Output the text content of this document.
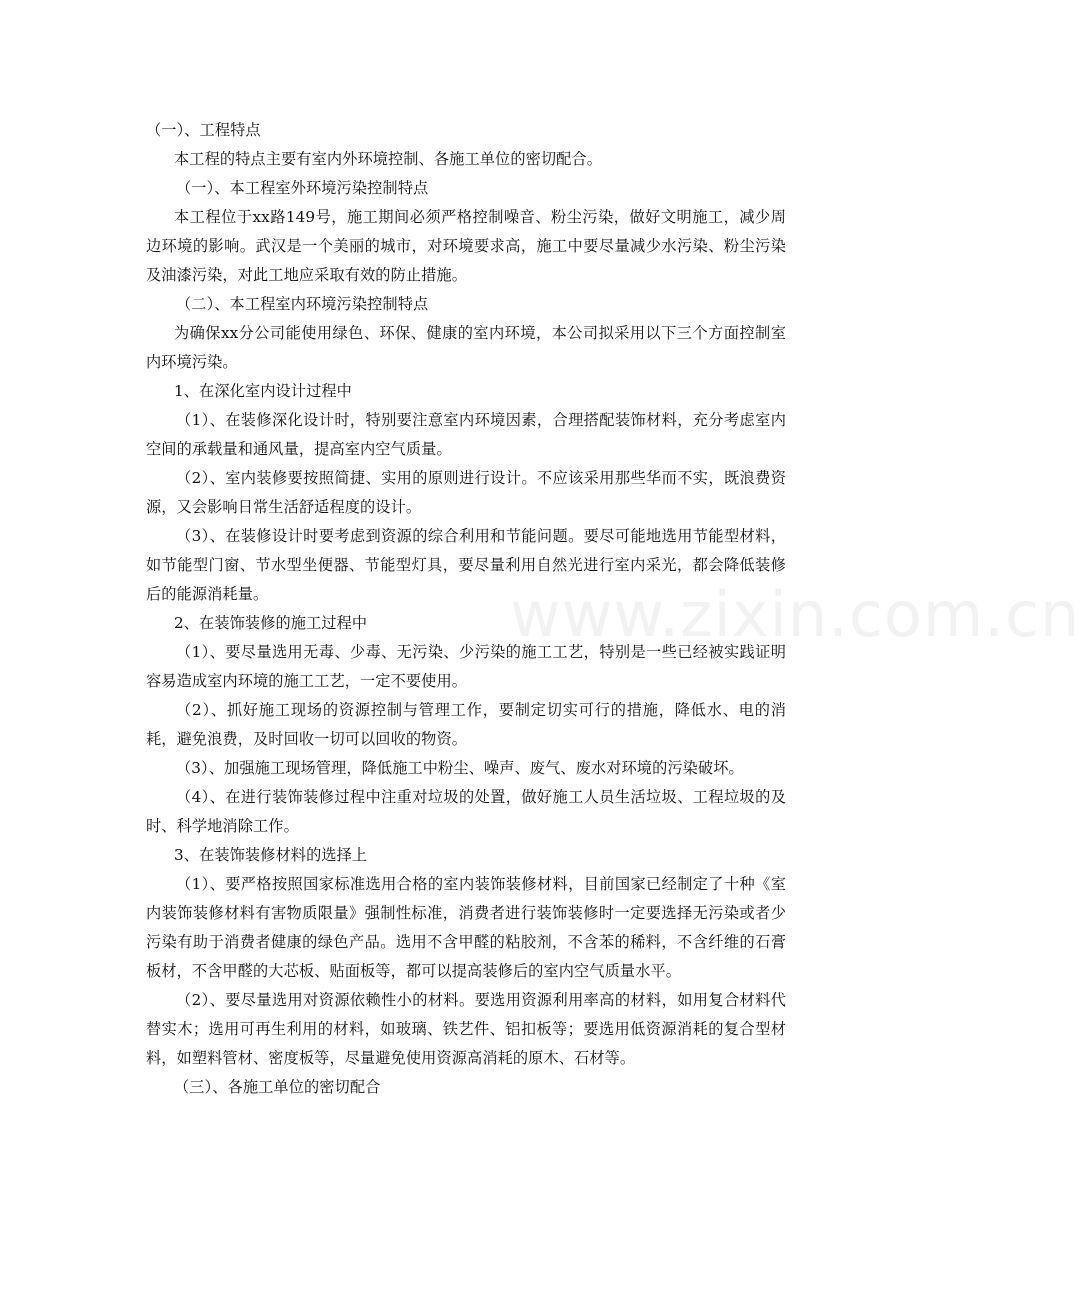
（一）、工程特点

本工程的特点主要有室内外环境控制、各施工单位的密切配合。

（一）、本工程室外环境污染控制特点

本工程位于xx路149号，施工期间必须严格控制噪音、粉尘污染，做好文明施工，减少周边环境的影响。武汉是一个美丽的城市，对环境要求高，施工中要尽量减少水污染、粉尘污染及油漆污染，对此工地应采取有效的防止措施。

（二）、本工程室内环境污染控制特点

为确保xx分公司能使用绿色、环保、健康的室内环境，本公司拟采用以下三个方面控制室内环境污染。

1、在深化室内设计过程中

（1）、在装修深化设计时，特别要注意室内环境因素，合理搭配装饰材料，充分考虑室内空间的承载量和通风量，提高室内空气质量。

（2）、室内装修要按照简捷、实用的原则进行设计。不应该采用那些华而不实，既浪费资源，又会影响日常生活舒适程度的设计。

（3）、在装修设计时要考虑到资源的综合利用和节能问题。要尽可能地选用节能型材料，如节能型门窗、节水型坐便器、节能型灯具，要尽量利用自然光进行室内采光，都会降低装修后的能源消耗量。

2、在装饰装修的施工过程中

（1）、要尽量选用无毒、少毒、无污染、少污染的施工工艺，特别是一些已经被实践证明容易造成室内环境的施工工艺，一定不要使用。

（2）、抓好施工现场的资源控制与管理工作，要制定切实可行的措施，降低水、电的消耗，避免浪费，及时回收一切可以回收的物资。

（3）、加强施工现场管理，降低施工中粉尘、噪声、废气、废水对环境的污染破坏。

（4）、在进行装饰装修过程中注重对垃圾的处置，做好施工人员生活垃圾、工程垃圾的及时、科学地消除工作。

3、在装饰装修材料的选择上

（1）、要严格按照国家标准选用合格的室内装饰装修材料，目前国家已经制定了十种《室内装饰装修材料有害物质限量》强制性标准，消费者进行装饰装修时一定要选择无污染或者少污染有助于消费者健康的绿色产品。选用不含甲醛的粘胶剂，不含苯的稀料，不含纤维的石膏板材，不含甲醛的大芯板、贴面板等，都可以提高装修后的室内空气质量水平。

（2）、要尽量选用对资源依赖性小的材料。要选用资源利用率高的材料，如用复合材料代替实木；选用可再生利用的材料，如玻璃、铁艺件、铝扣板等；要选用低资源消耗的复合型材料，如塑料管材、密度板等，尽量避免使用资源高消耗的原木、石材等。

（三）、各施工单位的密切配合

www.zixin.com.cn
